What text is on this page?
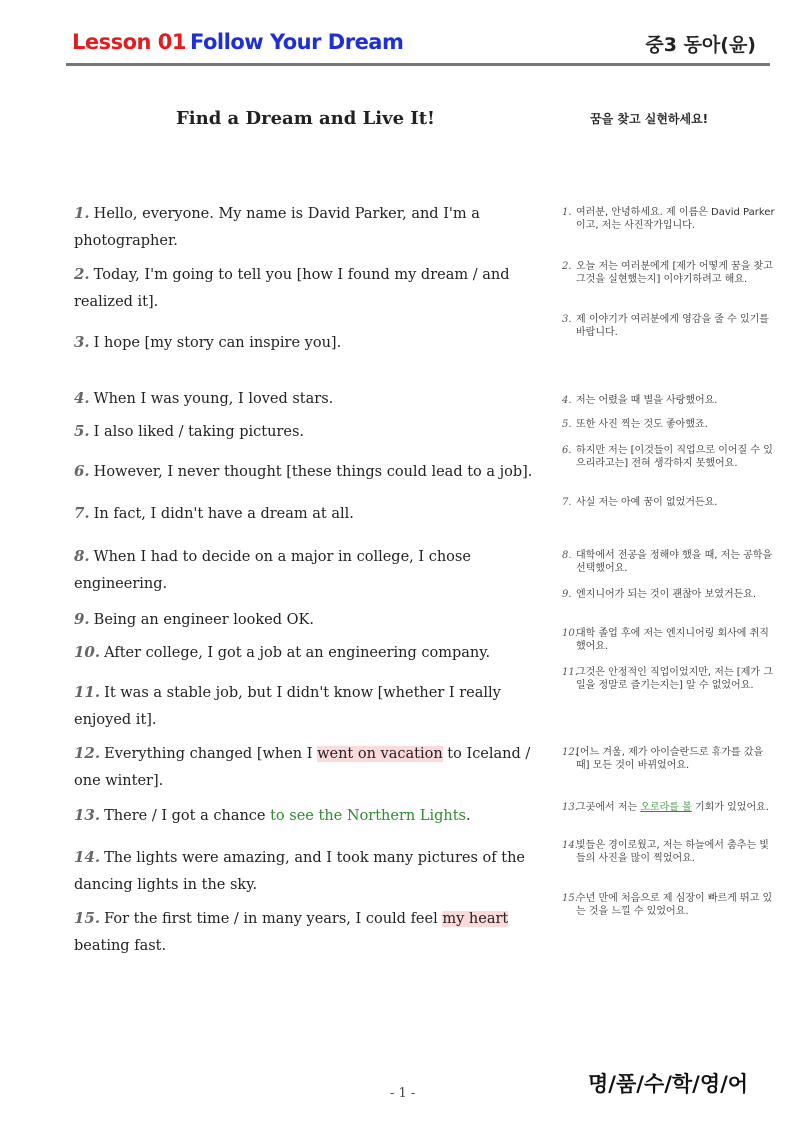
Lesson 01 Follow Your Dream	중3 동아(윤)
Find a Dream and Live It!	꿈을 찾고 실현하세요!
1. Hello, everyone. My name is David Parker, and I'm a photographer.
2. Today, I'm going to tell you [how I found my dream / and realized it].
3. I hope [my story can inspire you].
4. When I was young, I loved stars.
5. I also liked / taking pictures.
6. However, I never thought [these things could lead to a job].
7. In fact, I didn't have a dream at all.
8. When I had to decide on a major in college, I chose engineering.
9. Being an engineer looked OK.
10. After college, I got a job at an engineering company.
11. It was a stable job, but I didn't know [whether I really enjoyed it].
12. Everything changed [when I went on vacation to Iceland / one winter].
13. There / I got a chance to see the Northern Lights.
14. The lights were amazing, and I took many pictures of the dancing lights in the sky.
15. For the first time / in many years, I could feel my heart beating fast.
1. 여러분, 안녕하세요. 제 이름은 David Parker이고, 저는 사진작가입니다.
2. 오늘 저는 여러분에게 [제가 어떻게 꿈을 찾고 그것을 실현했는지] 이야기하려고 해요.
3. 제 이야기가 여러분에게 영감을 줄 수 있기를 바랍니다.
4. 저는 어렸을 때 별을 사랑했어요.
5. 또한 사진 찍는 것도 좋아했죠.
6. 하지만 저는 [이것들이 직업으로 이어질 수 있으리라고는] 전혀 생각하지 못했어요.
7. 사실 저는 아예 꿈이 없었거든요.
8. 대학에서 전공을 정해야 했을 때, 저는 공학을 선택했어요.
9. 엔지니어가 되는 것이 괜찮아 보였거든요.
10.대학 졸업 후에 저는 엔지니어링 회사에 취직했어요.
11.그것은 안정적인 직업이었지만, 저는 [제가 그 일을 정말로 즐기는지는] 알 수 없었어요.
12.[어느 겨울, 제가 아이슬란드로 휴가를 갔을 때] 모든 것이 바뀌었어요.
13.그곳에서 저는 오로라를 볼 기회가 있었어요.
14.빛들은 경이로웠고, 저는 하늘에서 춤추는 빛들의 사진을 많이 찍었어요.
15.수년 만에 처음으로 제 심장이 빠르게 뛰고 있는 것을 느낄 수 있었어요.
- 1 -	명/품/수/학/영/어
